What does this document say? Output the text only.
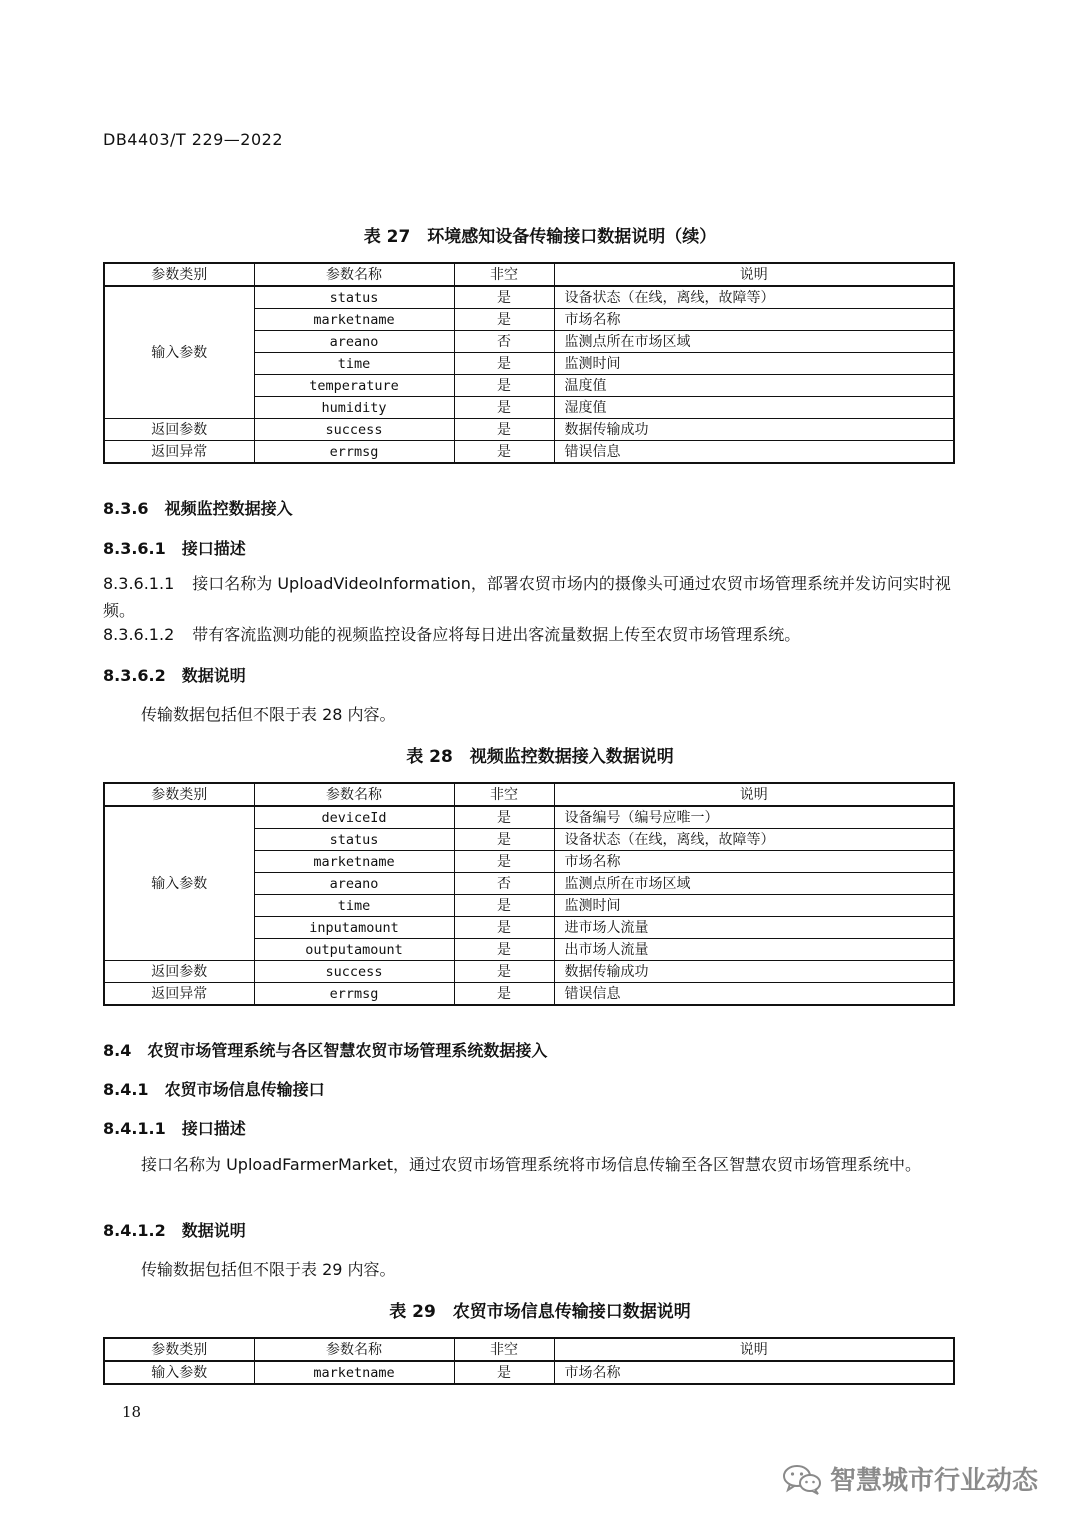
DB4403/T 229—2022
表 27　环境感知设备传输接口数据说明（续）
参数类别	参数名称	非空	说明
输入参数	status	是	设备状态（在线，离线，故障等）
	marketname	是	市场名称
	areano	否	监测点所在市场区域
	time	是	监测时间
	temperature	是	温度值
	humidity	是	湿度值
返回参数	success	是	数据传输成功
返回异常	errmsg	是	错误信息
8.3.6 视频监控数据接入
8.3.6.1 接口描述
8.3.6.1.1 接口名称为 UploadVideoInformation，部署农贸市场内的摄像头可通过农贸市场管理系统并发访问实时视频。
8.3.6.1.2 带有客流监测功能的视频监控设备应将每日进出客流量数据上传至农贸市场管理系统。
8.3.6.2 数据说明
传输数据包括但不限于表 28 内容。
表 28　视频监控数据接入数据说明
参数类别	参数名称	非空	说明
输入参数	deviceId	是	设备编号（编号应唯一）
	status	是	设备状态（在线，离线，故障等）
	marketname	是	市场名称
	areano	否	监测点所在市场区域
	time	是	监测时间
	inputamount	是	进市场人流量
	outputamount	是	出市场人流量
返回参数	success	是	数据传输成功
返回异常	errmsg	是	错误信息
8.4 农贸市场管理系统与各区智慧农贸市场管理系统数据接入
8.4.1 农贸市场信息传输接口
8.4.1.1 接口描述
接口名称为 UploadFarmerMarket，通过农贸市场管理系统将市场信息传输至各区智慧农贸市场管理系统中。
8.4.1.2 数据说明
传输数据包括但不限于表 29 内容。
表 29　农贸市场信息传输接口数据说明
参数类别	参数名称	非空	说明
输入参数	marketname	是	市场名称
18
智慧城市行业动态
